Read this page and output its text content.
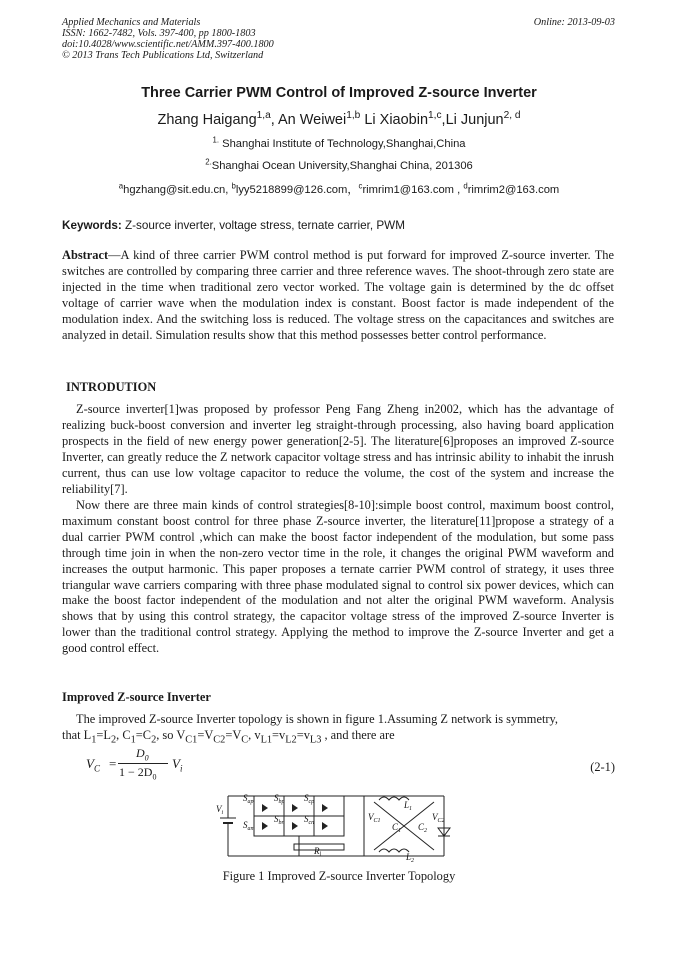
Applied Mechanics and Materials
ISSN: 1662-7482, Vols. 397-400, pp 1800-1803
doi:10.4028/www.scientific.net/AMM.397-400.1800
© 2013 Trans Tech Publications Ltd, Switzerland
Online: 2013-09-03
Three Carrier PWM Control of Improved Z-source Inverter
Zhang Haigang$^{1,a}$, An Weiwei$^{1,b}$ Li Xiaobin$^{1,c}$,Li Junjun$^{2, d}$
$^{1.}$ Shanghai Institute of Technology,Shanghai,China
$^{2.}$Shanghai Ocean University,Shanghai China, 201306
$^a$hgzhang@sit.edu.cn, $^b$lyy5218899@126.com，$^c$rimrim1@163.com , $^d$rimrim2@163.com

Keywords: Z-source inverter, voltage stress, ternate carrier, PWM

Abstract—A kind of three carrier PWM control method is put forward for improved Z-source inverter. The switches are controlled by comparing three carrier and three reference waves. The shoot-through zero state are injected in the time when traditional zero vector worked. The voltage gain is determined by the dc offset voltage of carrier wave when the modulation index is constant. Boost factor is made independent of the modulation index. And the switching loss is reduced. The voltage stress on the capacitances and switches are analyzed in detail. Simulation results show that this method possesses better control performance.

INTRODUTION

Z-source inverter[1]was proposed by professor Peng Fang Zheng in2002, which has the advantage of realizing buck-boost conversion and inverter leg straight-through processing, also having board application prospects in the field of new energy power generation[2-5]. The literature[6]proposes an improved Z-source Inverter, can greatly reduce the Z network capacitor voltage stress and has intrinsic ability to inhabit the inrush current, thus can use low voltage capacitor to reduce the volume, the cost of the system and increase the reliability[7].

Now there are three main kinds of control strategies[8-10]:simple boost control, maximum boost control, maximum constant boost control for three phase Z-source inverter, the literature[11]propose a strategy of a dual carrier PWM control ,which can make the boost factor independent of the modulation, but some pass through time join in when the non-zero vector time in the role, it changes the original PWM waveform and increases the output harmonic. This paper proposes a ternate carrier PWM control of strategy, it uses three triangular wave carriers comparing with three phase modulated signal to control six power devices, which can make the boost factor independent of the modulation and not alter the original PWM waveform. Analysis shows that by using this control strategy, the capacitor voltage stress of the improved Z-source Inverter is lower than the traditional control strategy. Applying the method to improve the Z-source Inverter and get a good control effect.

Improved Z-source Inverter

The improved Z-source Inverter topology is shown in figure 1.Assuming Z network is symmetry,

that $L_1=L_2$, $C_1=C_2$, so $V_{C1}=V_{C2}=V_C$, $v_{L1}=v_{L2}=v_{L3}$ , and there are

$V_C$ =
$D_0$
$1 - 2D_0$
$V_i$	(2-1)
$V_i$
$S_{ap}$ $S_{bp}$ $S_{cp}$
$S_{an}$
$S_{bn}$ $S_{cn}$
$R_l$
$L_1$
$L_2$
$C_1$ $C_2$
$V_{C1}$	$V_{C2}$
Figure 1 Improved Z-source Inverter Topology
